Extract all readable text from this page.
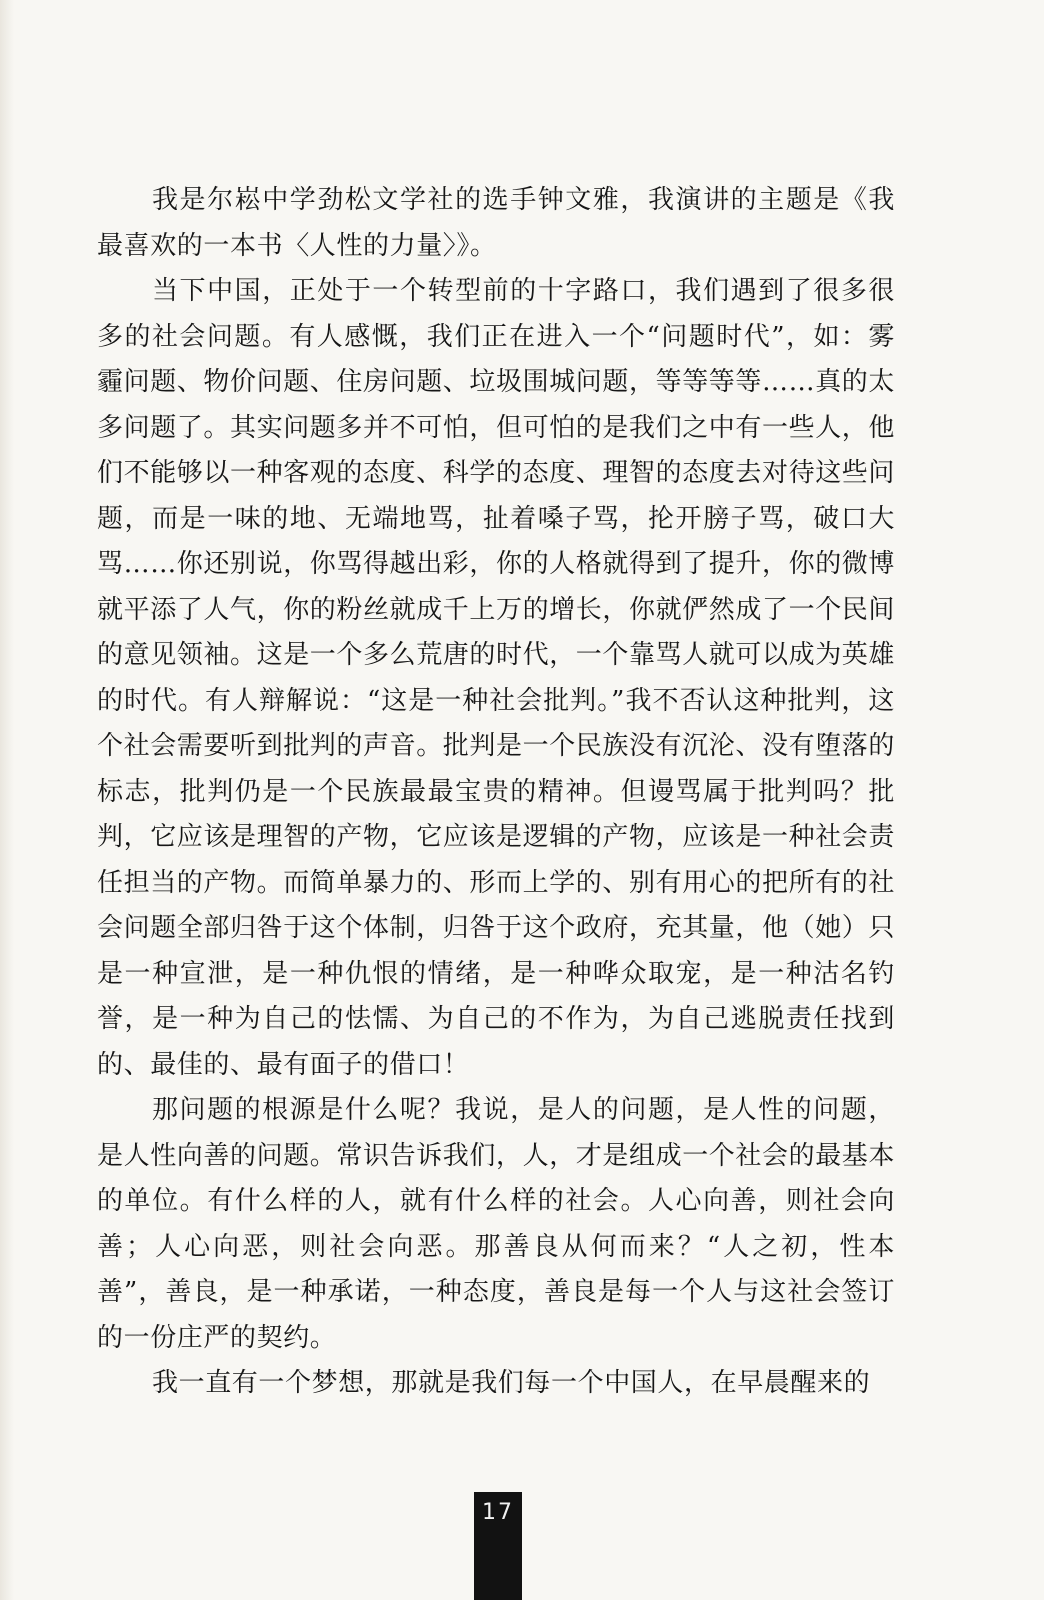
我是尔崧中学劲松文学社的选手钟文雅，我演讲的主题是《我最喜欢的一本书〈人性的力量〉》。

当下中国，正处于一个转型前的十字路口，我们遇到了很多很多的社会问题。有人感慨，我们正在进入一个“问题时代”，如：雾霾问题、物价问题、住房问题、垃圾围城问题，等等等等……真的太多问题了。其实问题多并不可怕，但可怕的是我们之中有一些人，他们不能够以一种客观的态度、科学的态度、理智的态度去对待这些问题，而是一味的地、无端地骂，扯着嗓子骂，抡开膀子骂，破口大骂……你还别说，你骂得越出彩，你的人格就得到了提升，你的微博就平添了人气，你的粉丝就成千上万的增长，你就俨然成了一个民间的意见领袖。这是一个多么荒唐的时代，一个靠骂人就可以成为英雄的时代。有人辩解说：“这是一种社会批判。”我不否认这种批判，这个社会需要听到批判的声音。批判是一个民族没有沉沦、没有堕落的标志，批判仍是一个民族最最宝贵的精神。但谩骂属于批判吗？批判，它应该是理智的产物，它应该是逻辑的产物，应该是一种社会责任担当的产物。而简单暴力的、形而上学的、别有用心的把所有的社会问题全部归咎于这个体制，归咎于这个政府，充其量，他（她）只是一种宣泄，是一种仇恨的情绪，是一种哗众取宠，是一种沽名钓誉，是一种为自己的怯懦、为自己的不作为，为自己逃脱责任找到的、最佳的、最有面子的借口！

那问题的根源是什么呢？我说，是人的问题，是人性的问题，是人性向善的问题。常识告诉我们，人，才是组成一个社会的最基本的单位。有什么样的人，就有什么样的社会。人心向善，则社会向善；人心向恶，则社会向恶。那善良从何而来？“人之初，性本善”，善良，是一种承诺，一种态度，善良是每一个人与这社会签订的一份庄严的契约。

我一直有一个梦想，那就是我们每一个中国人，在早晨醒来的

17
